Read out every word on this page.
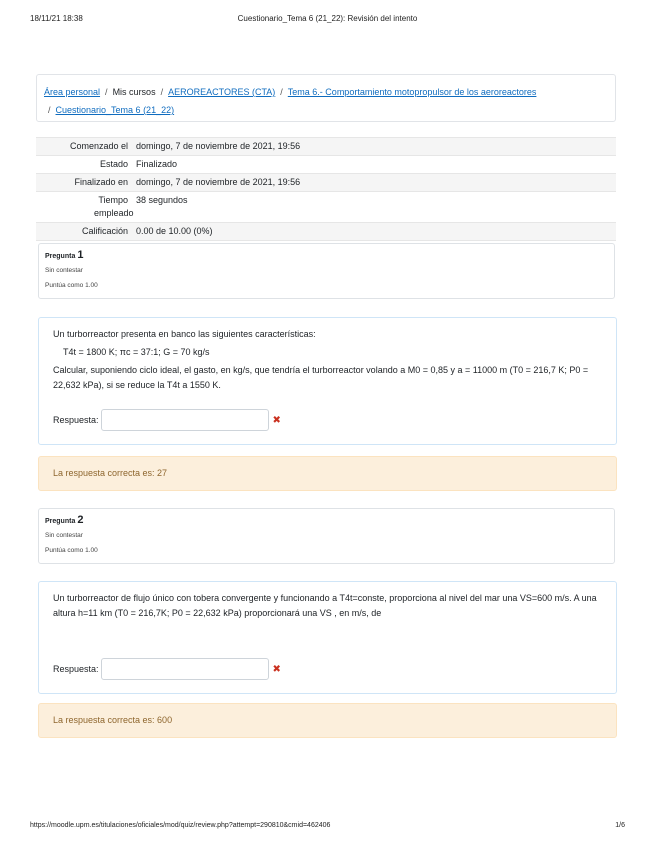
18/11/21 18:38	Cuestionario_Tema 6 (21_22): Revisión del intento
Área personal / Mis cursos / AEROREACTORES (CTA) / Tema 6.- Comportamiento motopropulsor de los aeroreactores
/ Cuestionario_Tema 6 (21_22)
Comenzado el domingo, 7 de noviembre de 2021, 19:56
Estado Finalizado
Finalizado en domingo, 7 de noviembre de 2021, 19:56
Tiempo empleado
38 segundos
Calificación 0.00 de 10.00 (0%)
Pregunta 1
Sin contestar
Puntúa como 1.00

Un turborreactor presenta en banco las siguientes características:

T4t = 1800 K; πc = 37:1; G = 70 kg/s

Calcular, suponiendo ciclo ideal, el gasto, en kg/s, que tendría el turborreactor volando a M0 = 0,85 y a = 11000 m (T0 = 216,7 K; P0 = 22,632 kPa), si se reduce la T4t a 1550 K.

Respuesta:	✖
La respuesta correcta es: 27
Pregunta 2
Sin contestar
Puntúa como 1.00

Un turborreactor de flujo único con tobera convergente y funcionando a T4t=conste, proporciona al nivel del mar una VS=600 m/s. A una altura h=11 km (T0 = 216,7K; P0 = 22,632 kPa) proporcionará una VS , en m/s, de

Respuesta:	✖
La respuesta correcta es: 600
https://moodle.upm.es/titulaciones/oficiales/mod/quiz/review.php?attempt=290810&cmid=462406	1/6
